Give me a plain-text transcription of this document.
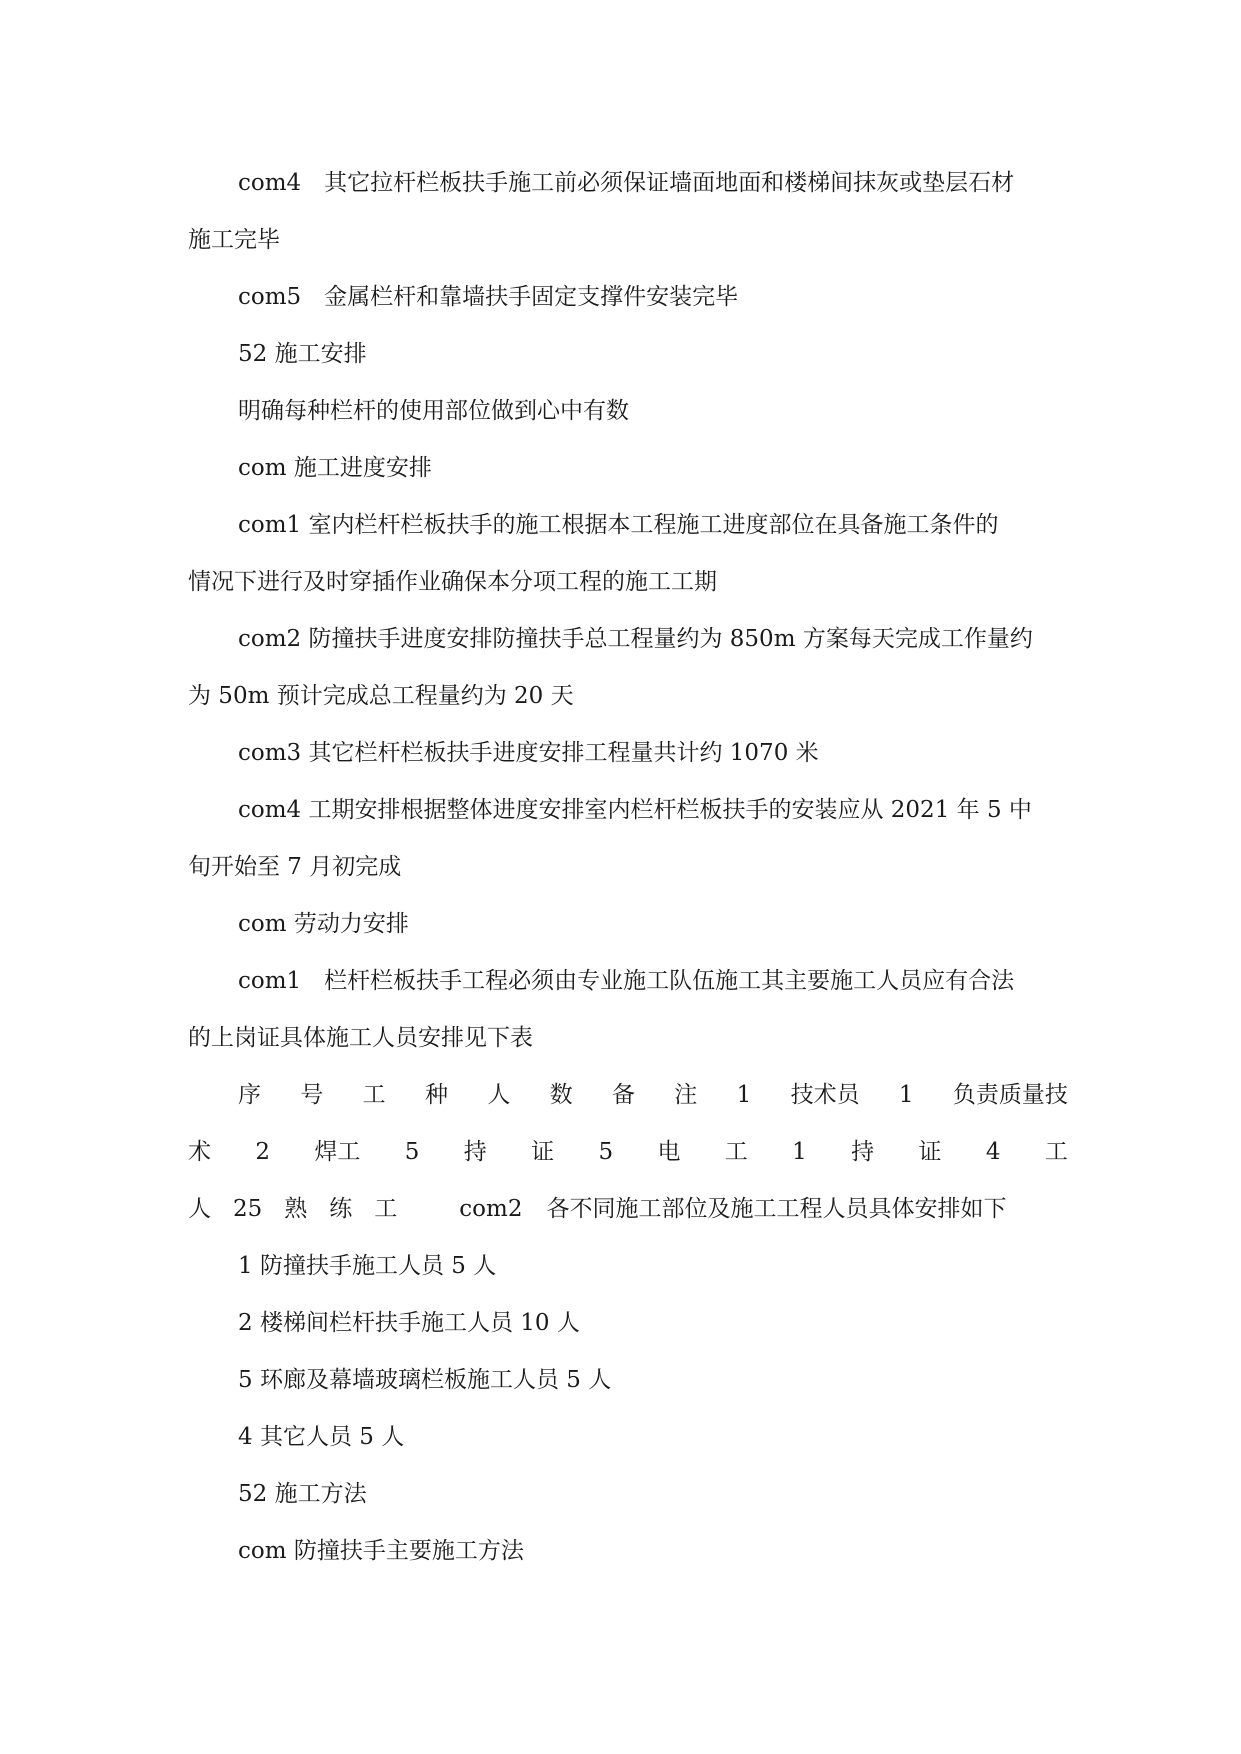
com4　其它拉杆栏板扶手施工前必须保证墙面地面和楼梯间抹灰或垫层石材

施工完毕

com5　金属栏杆和靠墙扶手固定支撑件安装完毕

52 施工安排

明确每种栏杆的使用部位做到心中有数

com 施工进度安排

com1 室内栏杆栏板扶手的施工根据本工程施工进度部位在具备施工条件的

情况下进行及时穿插作业确保本分项工程的施工工期

com2 防撞扶手进度安排防撞扶手总工程量约为 850m 方案每天完成工作量约

为 50m 预计完成总工程量约为 20 天

com3 其它栏杆栏板扶手进度安排工程量共计约 1070 米

com4 工期安排根据整体进度安排室内栏杆栏板扶手的安装应从 2021 年 5 中

旬开始至 7 月初完成

com 劳动力安排

com1　栏杆栏板扶手工程必须由专业施工队伍施工其主要施工人员应有合法

的上岗证具体施工人员安排见下表

序 号 工 种 人 数 备 注 1 技术员 1 负责质量技
术 2 焊工 5 持 证 5 电 工 1 持 证 4 工
人 25 熟 练 工	com2 各不同施工部位及施工工程人员具体安排如下

1 防撞扶手施工人员 5 人

2 楼梯间栏杆扶手施工人员 10 人

5 环廊及幕墙玻璃栏板施工人员 5 人

4 其它人员 5 人

52 施工方法

com 防撞扶手主要施工方法
